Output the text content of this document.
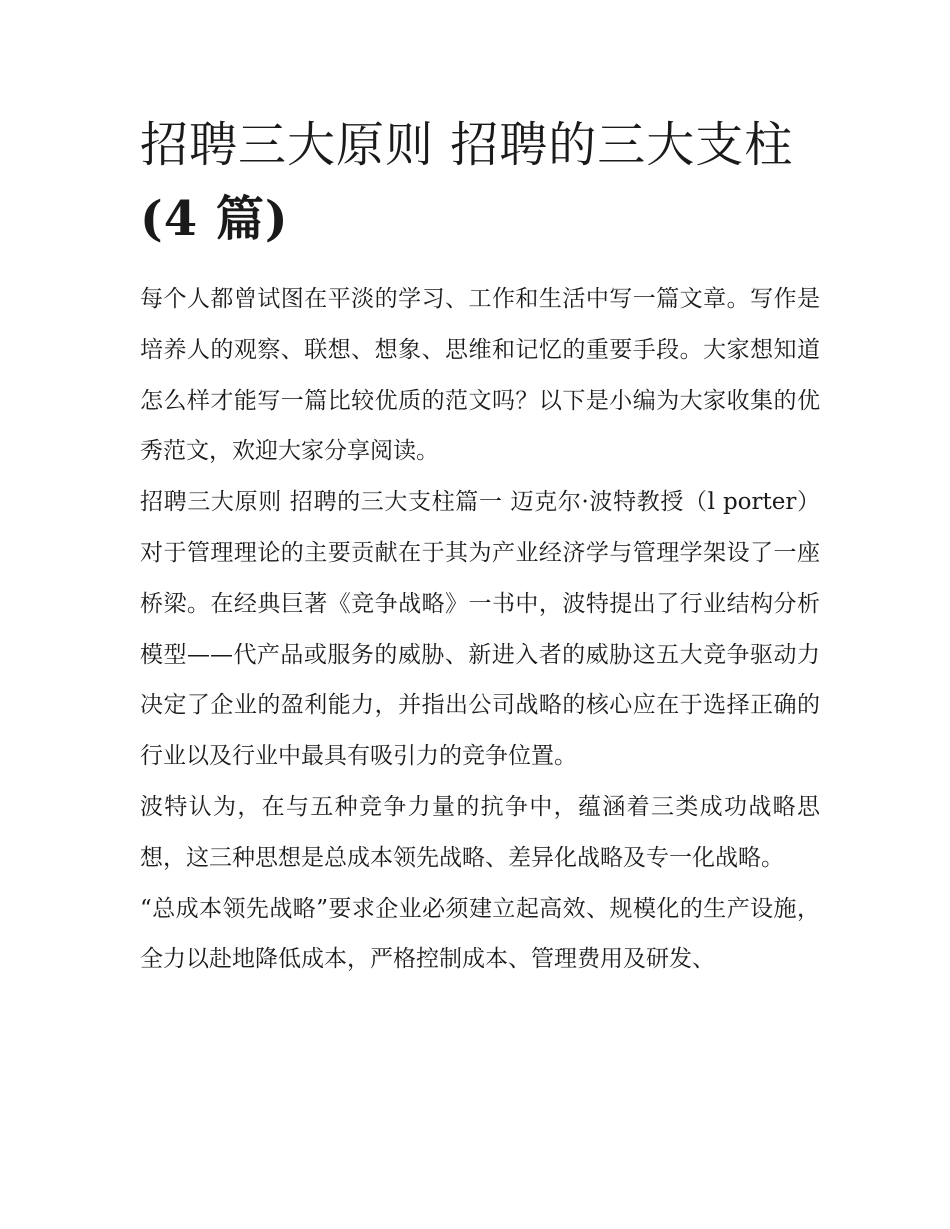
招聘三大原则 招聘的三大支柱
(4 篇)

每个人都曾试图在平淡的学习、工作和生活中写一篇文章。写作是培养人的观察、联想、想象、思维和记忆的重要手段。大家想知道怎么样才能写一篇比较优质的范文吗？以下是小编为大家收集的优秀范文，欢迎大家分享阅读。

招聘三大原则 招聘的三大支柱篇一 迈克尔·波特教授（l porter）对于管理理论的主要贡献在于其为产业经济学与管理学架设了一座桥梁。在经典巨著《竞争战略》一书中，波特提出了行业结构分析模型——代产品或服务的威胁、新进入者的威胁这五大竞争驱动力决定了企业的盈利能力，并指出公司战略的核心应在于选择正确的行业以及行业中最具有吸引力的竞争位置。

波特认为，在与五种竞争力量的抗争中，蕴涵着三类成功战略思想，这三种思想是总成本领先战略、差异化战略及专一化战略。

“总成本领先战略”要求企业必须建立起高效、规模化的生产设施，全力以赴地降低成本，严格控制成本、管理费用及研发、
